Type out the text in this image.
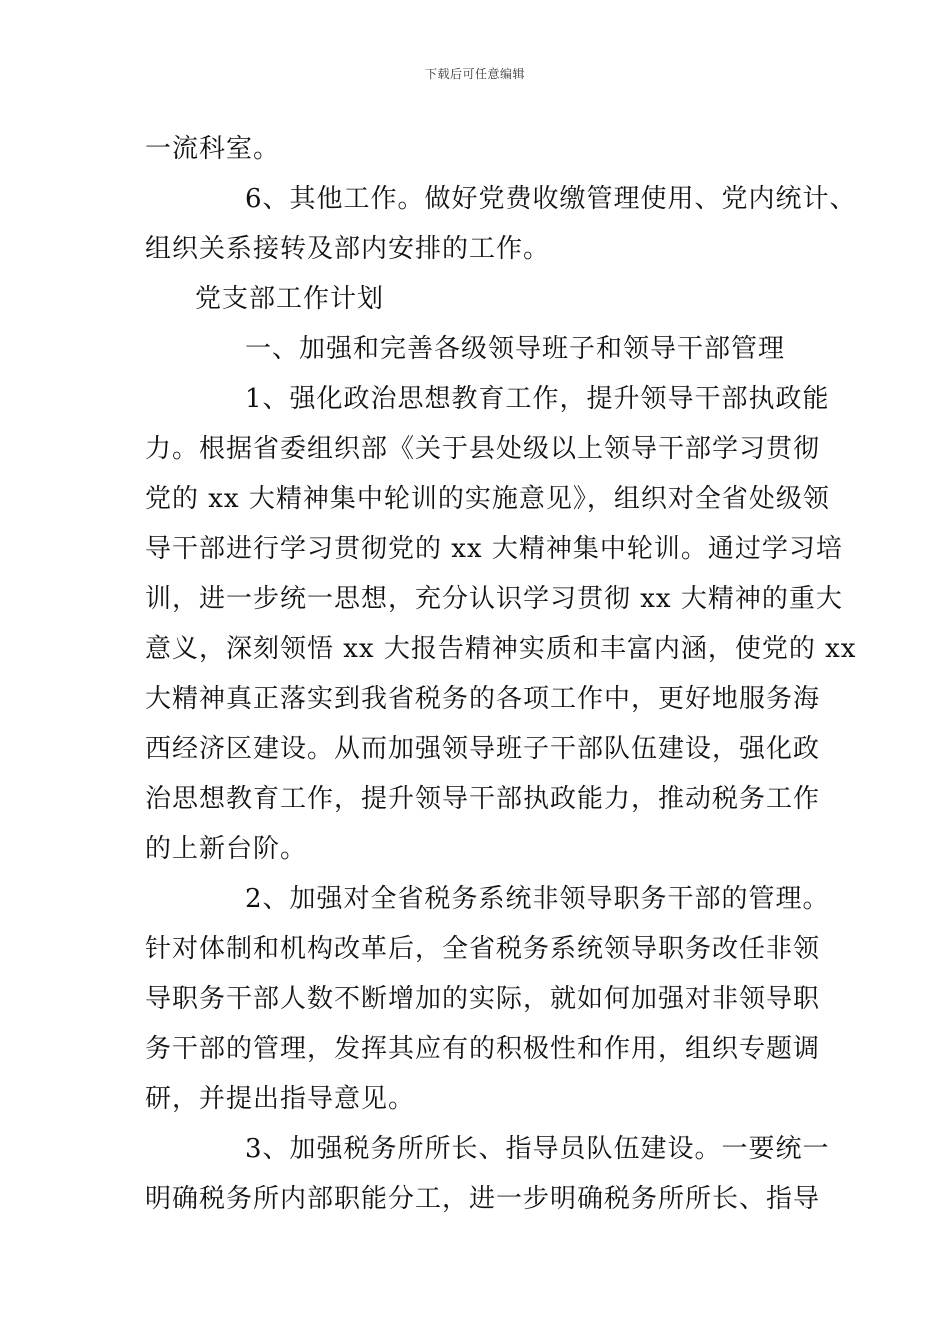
下载后可任意编辑
一流科室。
6、其他工作。做好党费收缴管理使用、党内统计、
组织关系接转及部内安排的工作。
党支部工作计划
一、加强和完善各级领导班子和领导干部管理
1、强化政治思想教育工作，提升领导干部执政能
力。根据省委组织部《关于县处级以上领导干部学习贯彻
党的 xx 大精神集中轮训的实施意见》，组织对全省处级领
导干部进行学习贯彻党的 xx 大精神集中轮训。通过学习培
训，进一步统一思想，充分认识学习贯彻 xx 大精神的重大
意义，深刻领悟 xx 大报告精神实质和丰富内涵，使党的 xx
大精神真正落实到我省税务的各项工作中，更好地服务海
西经济区建设。从而加强领导班子干部队伍建设，强化政
治思想教育工作，提升领导干部执政能力，推动税务工作
的上新台阶。
2、加强对全省税务系统非领导职务干部的管理。
针对体制和机构改革后，全省税务系统领导职务改任非领
导职务干部人数不断增加的实际，就如何加强对非领导职
务干部的管理，发挥其应有的积极性和作用，组织专题调
研，并提出指导意见。
3、加强税务所所长、指导员队伍建设。一要统一
明确税务所内部职能分工，进一步明确税务所所长、指导
